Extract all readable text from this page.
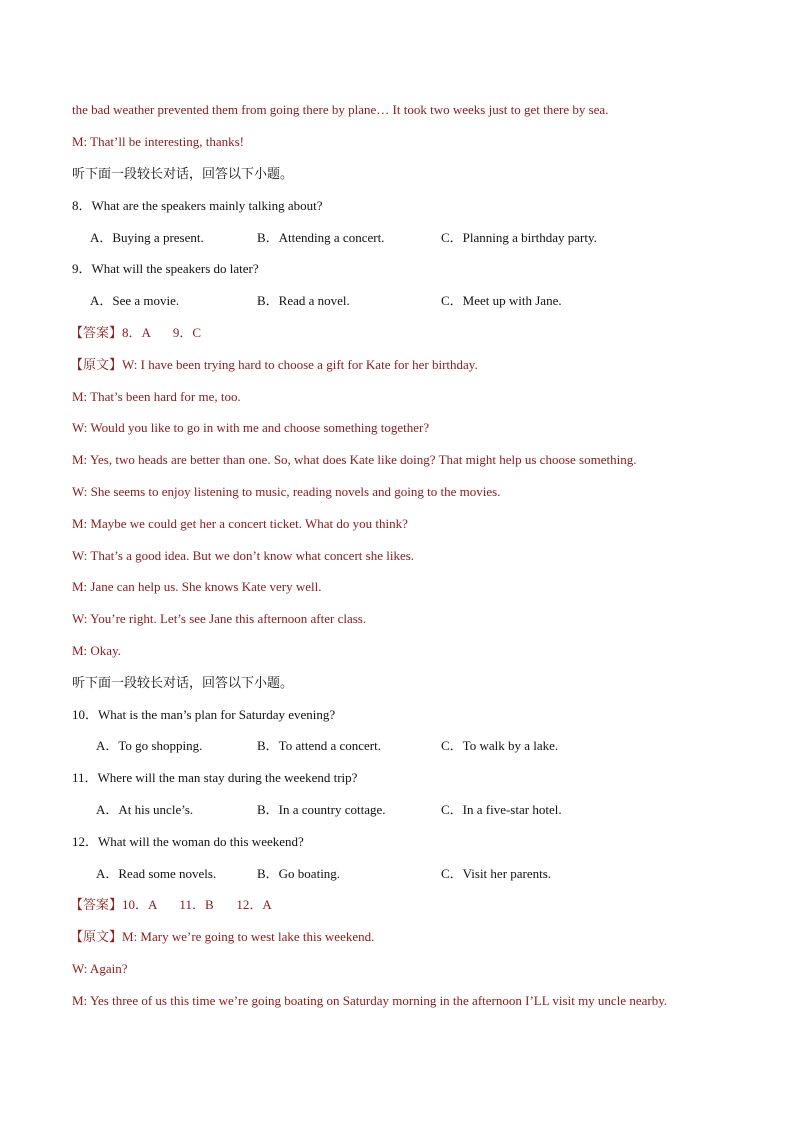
the bad weather prevented them from going there by plane… It took two weeks just to get there by sea.
M: That’ll be interesting, thanks!
听下面一段较长对话，回答以下小题。
8．What are the speakers mainly talking about?
A．Buying a present.	B．Attending a concert.	C．Planning a birthday party.
9．What will the speakers do later?
A．See a movie.	B．Read a novel.	C．Meet up with Jane.
【答案】8．A       9．C
【原文】W: I have been trying hard to choose a gift for Kate for her birthday.
M: That’s been hard for me, too.
W: Would you like to go in with me and choose something together?
M: Yes, two heads are better than one. So, what does Kate like doing? That might help us choose something.
W: She seems to enjoy listening to music, reading novels and going to the movies.
M: Maybe we could get her a concert ticket. What do you think?
W: That’s a good idea. But we don’t know what concert she likes.
M: Jane can help us. She knows Kate very well.
W: You’re right. Let’s see Jane this afternoon after class.
M: Okay.
听下面一段较长对话，回答以下小题。
10．What is the man’s plan for Saturday evening?
A．To go shopping.	B．To attend a concert.	C．To walk by a lake.
11．Where will the man stay during the weekend trip?
A．At his uncle’s.	B．In a country cottage.	C．In a five-star hotel.
12．What will the woman do this weekend?
A．Read some novels.	B．Go boating.	C．Visit her parents.
【答案】10．A       11．B       12．A
【原文】M: Mary we’re going to west lake this weekend.
W: Again?
M: Yes three of us this time we’re going boating on Saturday morning in the afternoon I’LL visit my uncle nearby.
